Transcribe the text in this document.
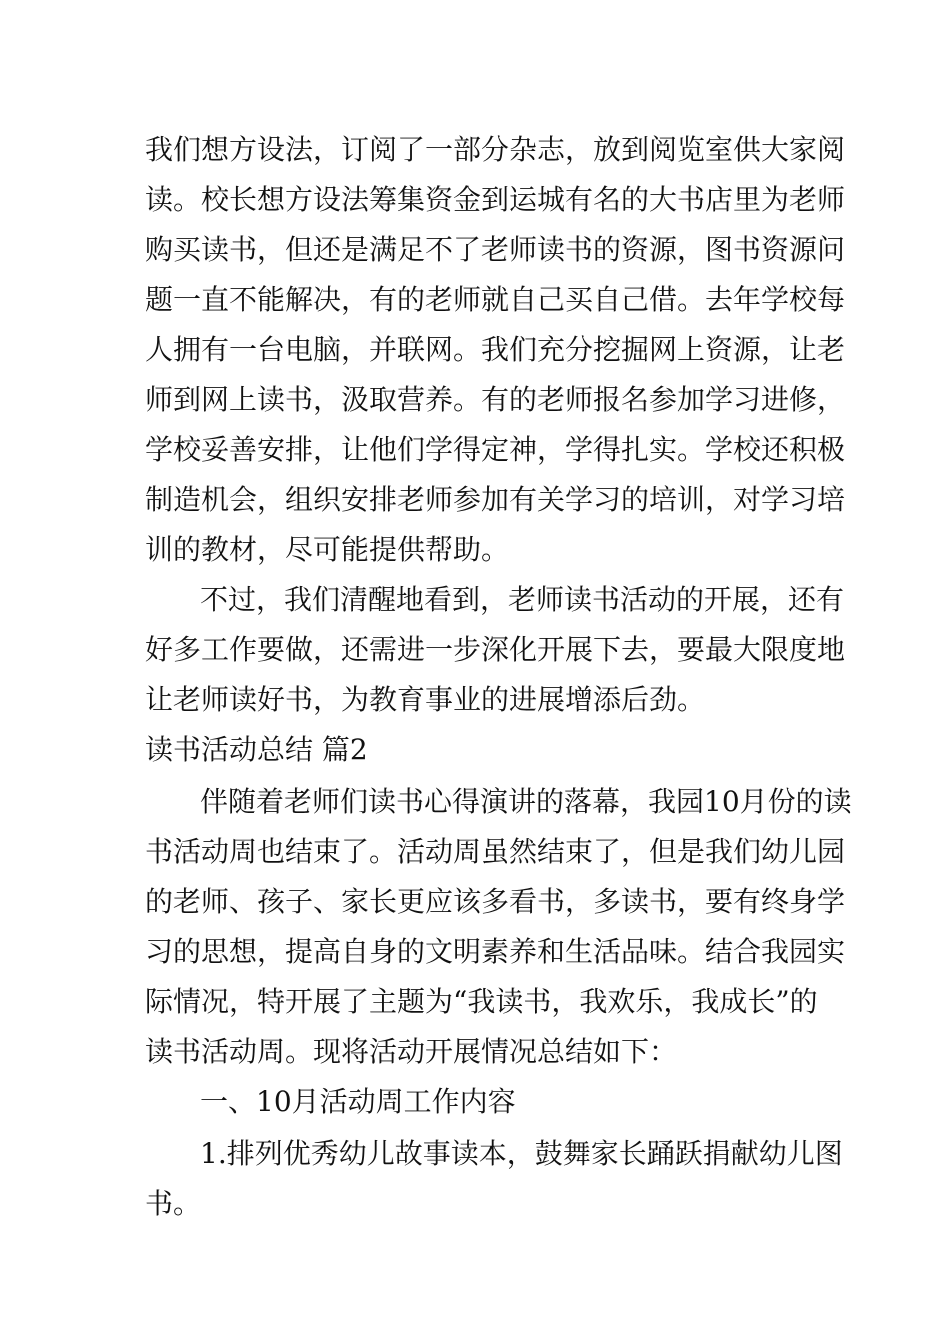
我们想方设法，订阅了一部分杂志，放到阅览室供大家阅
读。校长想方设法筹集资金到运城有名的大书店里为老师
购买读书，但还是满足不了老师读书的资源，图书资源问
题一直不能解决，有的老师就自己买自己借。去年学校每
人拥有一台电脑，并联网。我们充分挖掘网上资源，让老
师到网上读书，汲取营养。有的老师报名参加学习进修，
学校妥善安排，让他们学得定神，学得扎实。学校还积极
制造机会，组织安排老师参加有关学习的培训，对学习培
训的教材，尽可能提供帮助。
不过，我们清醒地看到，老师读书活动的开展，还有
好多工作要做，还需进一步深化开展下去，要最大限度地
让老师读好书，为教育事业的进展增添后劲。
读书活动总结 篇2
伴随着老师们读书心得演讲的落幕，我园10月份的读
书活动周也结束了。活动周虽然结束了，但是我们幼儿园
的老师、孩子、家长更应该多看书，多读书，要有终身学
习的思想，提高自身的文明素养和生活品味。结合我园实
际情况，特开展了主题为“我读书，我欢乐，我成长”的
读书活动周。现将活动开展情况总结如下：
一、10月活动周工作内容
1.排列优秀幼儿故事读本，鼓舞家长踊跃捐献幼儿图
书。
